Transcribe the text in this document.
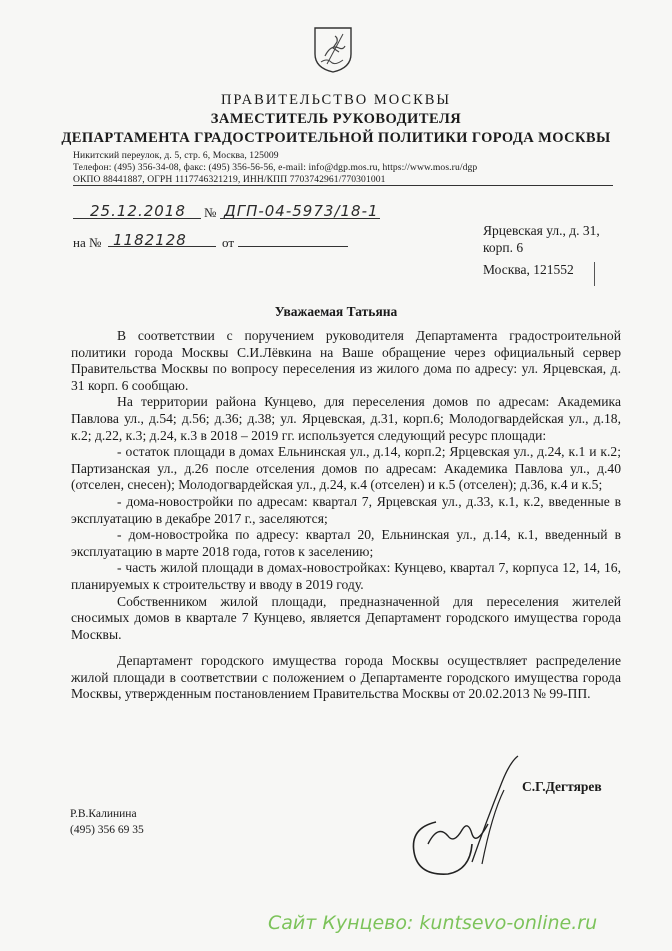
ПРАВИТЕЛЬСТВО МОСКВЫ
ЗАМЕСТИТЕЛЬ РУКОВОДИТЕЛЯ
ДЕПАРТАМЕНТА ГРАДОСТРОИТЕЛЬНОЙ ПОЛИТИКИ ГОРОДА МОСКВЫ
Никитский переулок, д. 5, стр. 6, Москва, 125009
Телефон: (495) 356-34-08, факс: (495) 356-56-56, e-mail: info@dgp.mos.ru, https://www.mos.ru/dgp
ОКПО 88441887, ОГРН 1117746321219, ИНН/КПП 7703742961/770301001
25.12.2018 № ДГП-04-5973/18-1
на № 1182128	от
Ярцевская ул., д. 31,
корп. 6
Москва, 121552
Уважаемая Татьяна

В соответствии с поручением руководителя Департамента градостроительной политики города Москвы С.И.Лёвкина на Ваше обращение через официальный сервер Правительства Москвы по вопросу переселения из жилого дома по адресу: ул. Ярцевская, д. 31 корп. 6 сообщаю.

На территории района Кунцево, для переселения домов по адресам: Академика Павлова ул., д.54; д.56; д.36; д.38; ул. Ярцевская, д.31, корп.6; Молодогвардейская ул., д.18, к.2; д.22, к.3; д.24, к.3 в 2018 – 2019 гг. используется следующий ресурс площади:

- остаток площади в домах Ельнинская ул., д.14, корп.2; Ярцевская ул., д.24, к.1 и к.2; Партизанская ул., д.26 после отселения домов по адресам: Академика Павлова ул., д.40 (отселен, снесен); Молодогвардейская ул., д.24, к.4 (отселен) и к.5 (отселен); д.36, к.4 и к.5;

- дома-новостройки по адресам: квартал 7, Ярцевская ул., д.33, к.1, к.2, введенные в эксплуатацию в декабре 2017 г., заселяются;

- дом-новостройка по адресу: квартал 20, Ельнинская ул., д.14, к.1, введенный в эксплуатацию в марте 2018 года, готов к заселению;

- часть жилой площади в домах-новостройках: Кунцево, квартал 7, корпуса 12, 14, 16, планируемых к строительству и вводу в 2019 году.

Собственником жилой площади, предназначенной для переселения жителей сносимых домов в квартале 7 Кунцево, является Департамент городского имущества города Москвы.

Департамент городского имущества города Москвы осуществляет распределение жилой площади в соответствии с положением о Департаменте городского имущества города Москвы, утвержденным постановлением Правительства Москвы от 20.02.2013 № 99-ПП.

С.Г.Дегтярев
Р.В.Калинина
(495) 356 69 35
Сайт Кунцево: kuntsevo-online.ru
